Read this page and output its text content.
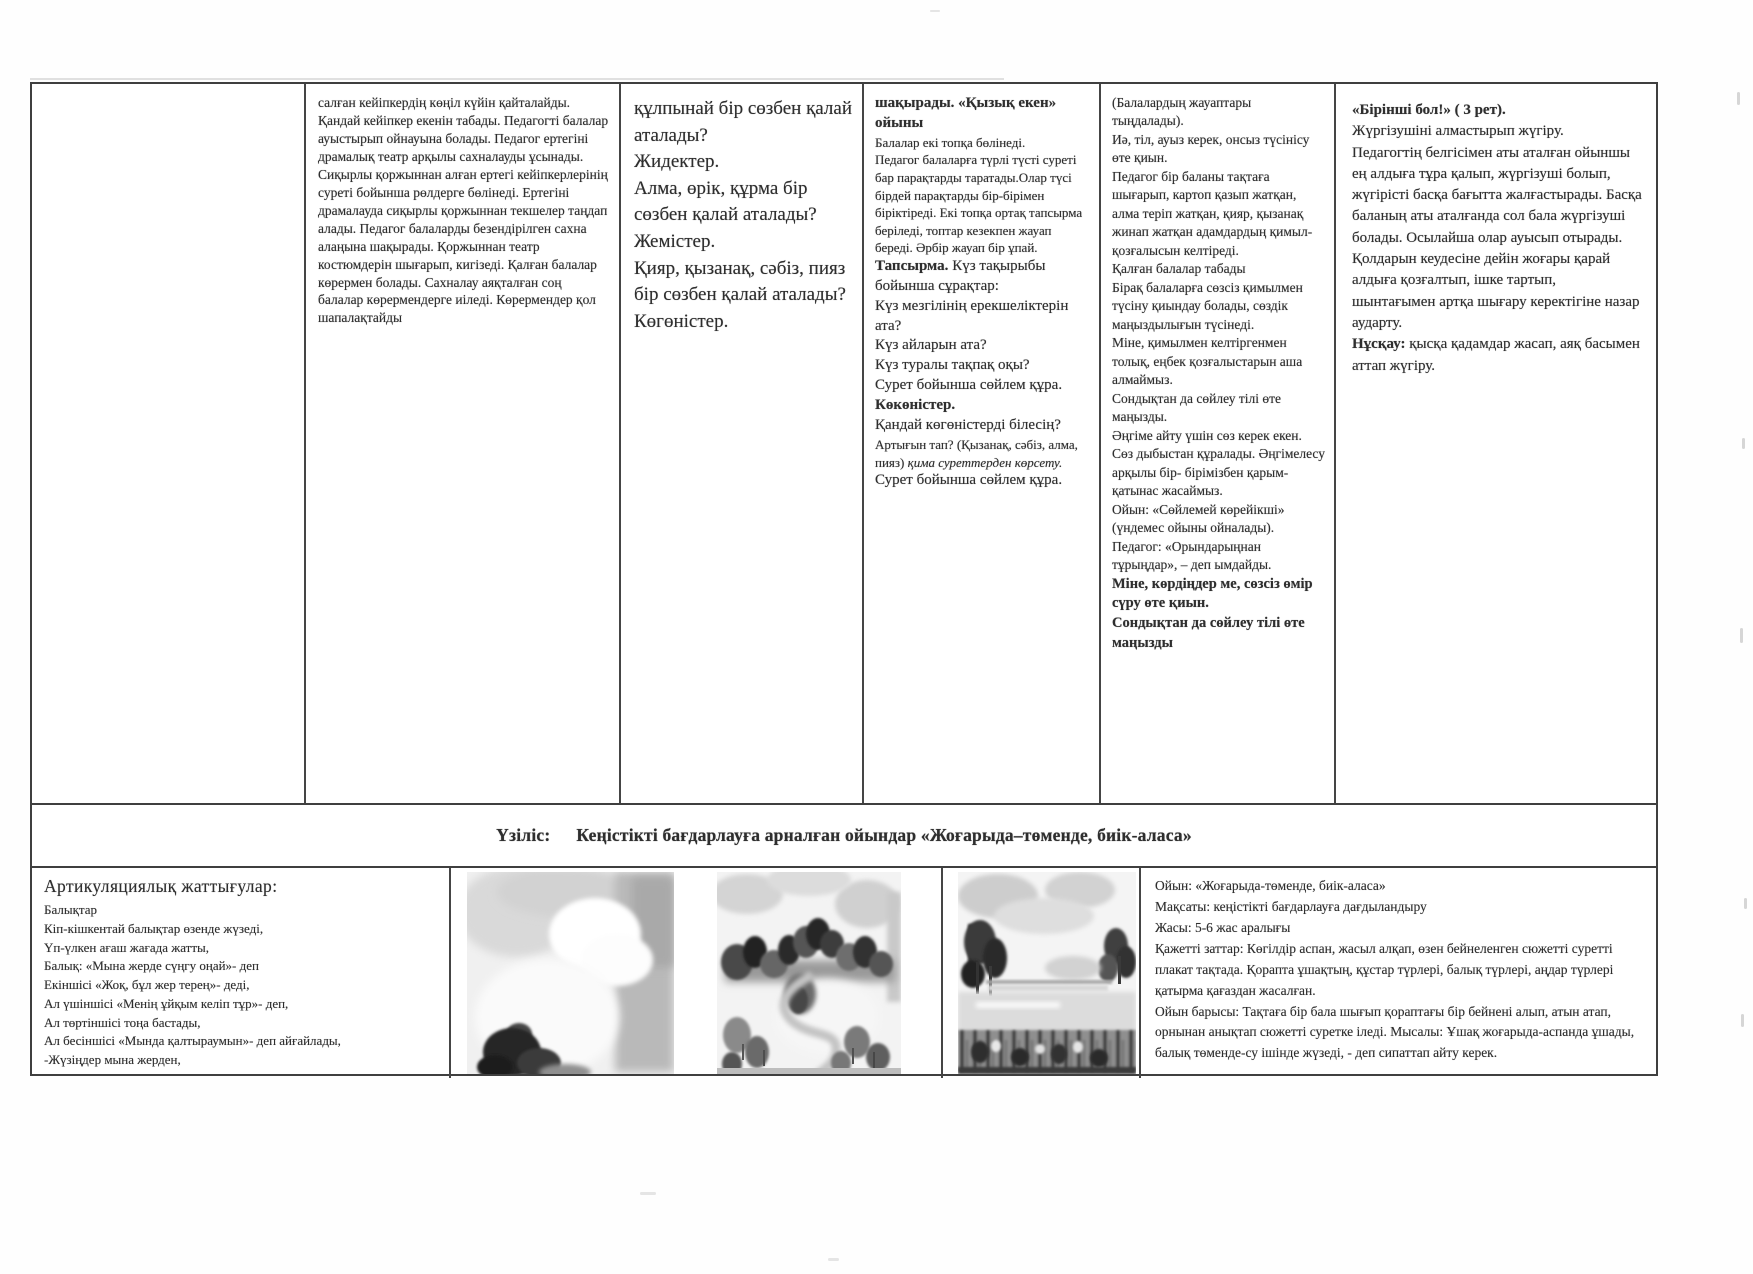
салған кейіпкердің көңіл күйін қайталайды. Қандай кейіпкер екенін табады. Педагогті балалар ауыстырып ойнауына болады. Педагог ертегіні драмалық театр арқылы сахналауды ұсынады. Сиқырлы қоржыннан алған ертегі кейіпкерлерінің суреті бойынша рөлдерге бөлінеді. Ертегіні драмалауда сиқырлы қоржыннан текшелер таңдап алады. Педагог балаларды безендірілген сахна алаңына шақырады. Қоржыннан театр костюмдерін шығарып, кигізеді. Қалған балалар көрермен болады. Сахналау аяқталған соң балалар көрермендерге иіледі. Көрермендер қол шапалақтайды

құлпынай бір сөзбен қалай аталады?

Жидектер.

Алма, өрік, құрма бір сөзбен қалай аталады?

Жемістер.

Қияр, қызанақ, сәбіз, пияз бір сөзбен қалай аталады?

Көгөністер.

шақырады. «Қызық екен» ойыны

Балалар екі топқа бөлінеді.

Педагог балаларға түрлі түсті суреті бар парақтарды таратады.Олар түсі бірдей парақтарды бір-бірімен біріктіреді. Екі топқа ортақ тапсырма беріледі, топтар кезекпен жауап береді. Әрбір жауап бір ұпай.

Тапсырма. Күз тақырыбы бойынша сұрақтар:

Күз мезгілінің ерекшеліктерін ата?

Күз айларын ата?

Күз туралы тақпақ оқы?

Сурет бойынша сөйлем құра.

Көкөністер.

Қандай көгөністерді білесің?

Артығын тап? (Қызанақ, сәбіз, алма, пияз) қима суреттерден көрсету.

Сурет бойынша сөйлем құра.

(Балалардың жауаптары тыңдалады).

Иә, тіл, ауыз керек, онсыз түсінісу өте қиын.

Педагог бір баланы тақтаға шығарып, картоп қазып жатқан, алма теріп жатқан, қияр, қызанақ жинап жатқан адамдардың қимыл-қозғалысын келтіреді.

Қалған балалар табады

Бірақ балаларға сөзсіз қимылмен түсіну қиындау болады, сөздік маңыздылығын түсінеді.

Міне, қимылмен келтіргенмен толық, еңбек қозғалыстарын аша алмаймыз.

Сондықтан да сөйлеу тілі өте маңызды.

Әңгіме айту үшін сөз керек екен. Сөз дыбыстан құралады. Әңгімелесу арқылы бір- бірімізбен қарым-қатынас жасаймыз.

Ойын: «Сөйлемей көрейікші» (үндемес ойыны ойналады).

Педагог: «Орындарыңнан тұрыңдар», – деп ымдайды.

Міне, көрдіңдер ме, сөзсіз өмір сүру өте қиын.

Сондықтан да сөйлеу тілі өте маңызды

«Бірінші бол!» ( 3 рет).

Жүргізушіні алмастырып жүгіру.

Педагогтің белгісімен аты аталған ойыншы ең алдыға тұра қалып, жүргізуші болып,

жүгірісті басқа бағытта жалғастырады. Басқа баланың аты аталғанда сол бала жүргізуші болады. Осылайша олар ауысып отырады. Қолдарын кеудесіне дейін жоғары қарай алдыға қозғалтып, ішке тартып, шынтағымен артқа шығару керектігіне назар аударту.

Нұсқау: қысқа қадамдар жасап, аяқ басымен аттап жүгіру.

Үзіліс: Кеңістікті бағдарлауға арналған ойындар «Жоғарыда–төменде, биік-аласа»

Артикуляциялық жаттығулар:

Балықтар

Кіп-кішкентай балықтар өзенде жүзеді,

Үп-үлкен ағаш жағада жатты,

Балық: «Мына жерде сүңгу оңай»- деп

Екіншісі «Жоқ, бұл жер терең»- деді,

Ал үшіншісі «Менің ұйқым келіп тұр»- деп,

Ал төртіншісі тоңа бастады,

Ал бесіншісі «Мында қалтыраумын»- деп айғайлады,

-Жүзіңдер мына жерден,

Ойын: «Жоғарыда-төменде, биік-аласа»

Мақсаты: кеңістікті бағдарлауға дағдыландыру

Жасы: 5-6 жас аралығы

Қажетті заттар: Көгілдір аспан, жасыл алқап, өзен бейнеленген сюжетті суретті плакат тақтада. Қорапта ұшақтың, құстар түрлері, балық түрлері, аңдар түрлері қатырма қағаздан жасалған.

Ойын барысы: Тақтаға бір бала шығып қораптағы бір бейнені алып, атын атап, орнынан анықтап сюжетті суретке іледі. Мысалы: Ұшақ жоғарыда-аспанда ұшады, балық төменде-су ішінде жүзеді, - деп сипаттап айту керек.
